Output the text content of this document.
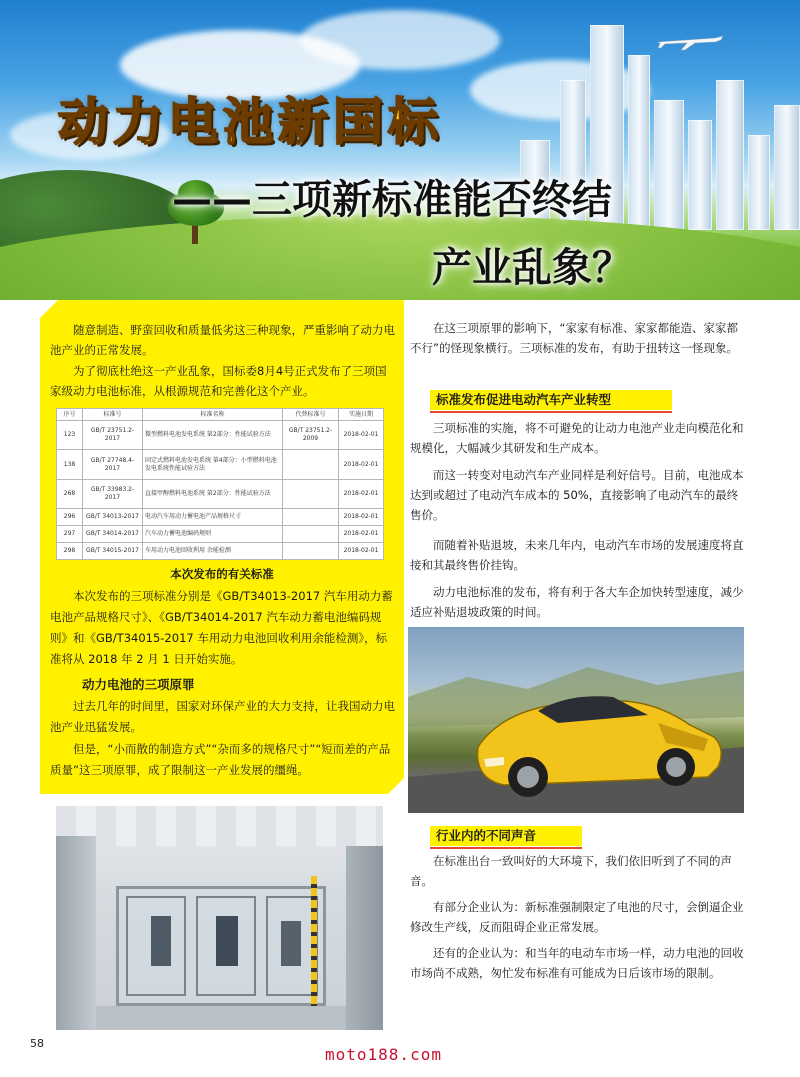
动力电池新国标
——三项新标准能否终结
产业乱象？

随意制造、野蛮回收和质量低劣这三种现象，严重影响了动力电池产业的正常发展。

为了彻底杜绝这一产业乱象，国标委8月4号正式发布了三项国家级动力电池标准，从根源规范和完善化这个产业。

序号	标准号	标准名称	代替标准号	实施日期
123	GB/T 23751.2-2017	微型燃料电池发电系统 第2部分：性能试验方法	GB/T 23751.2-2009	2018-02-01
138	GB/T 27748.4-2017	固定式燃料电池发电系统 第4部分：小型燃料电池发电系统性能试验方法		2018-02-01
268	GB/T 33983.2-2017	直接甲醇燃料电池系统 第2部分：性能试验方法		2018-02-01
296	GB/T 34013-2017	电动汽车用动力蓄电池产品规格尺寸		2018-02-01
297	GB/T 34014-2017	汽车动力蓄电池编码规则		2018-02-01
298	GB/T 34015-2017	车用动力电池回收利用 余能检测		2018-02-01
本次发布的有关标准

本次发布的三项标准分别是《GB/T34013-2017 汽车用动力蓄电池产品规格尺寸》、《GB/T34014-2017 汽车动力蓄电池编码规则》和《GB/T34015-2017 车用动力电池回收利用余能检测》，标准将从 2018 年 2 月 1 日开始实施。

动力电池的三项原罪

过去几年的时间里，国家对环保产业的大力支持，让我国动力电池产业迅猛发展。

但是，“小而散的制造方式”“杂而多的规格尺寸”“短而差的产品质量”这三项原罪，成了限制这一产业发展的缰绳。

在这三项原罪的影响下，“家家有标准、家家都能造、家家都不行”的怪现象横行。三项标准的发布，有助于扭转这一怪现象。

标准发布促进电动汽车产业转型

三项标准的实施，将不可避免的让动力电池产业走向模范化和规模化，大幅减少其研发和生产成本。

而这一转变对电动汽车产业同样是利好信号。目前，电池成本达到或超过了电动汽车成本的 50%，直接影响了电动汽车的最终售价。

而随着补贴退坡，未来几年内，电动汽车市场的发展速度将直接和其最终售价挂钩。

动力电池标准的发布，将有利于各大车企加快转型速度，减少适应补贴退坡政策的时间。

行业内的不同声音

在标准出台一致叫好的大环境下，我们依旧听到了不同的声音。

有部分企业认为：新标准强制限定了电池的尺寸，会倒逼企业修改生产线，反而阻碍企业正常发展。

还有的企业认为：和当年的电动车市场一样，动力电池的回收市场尚不成熟，匆忙发布标准有可能成为日后该市场的限制。

58
moto188.com
